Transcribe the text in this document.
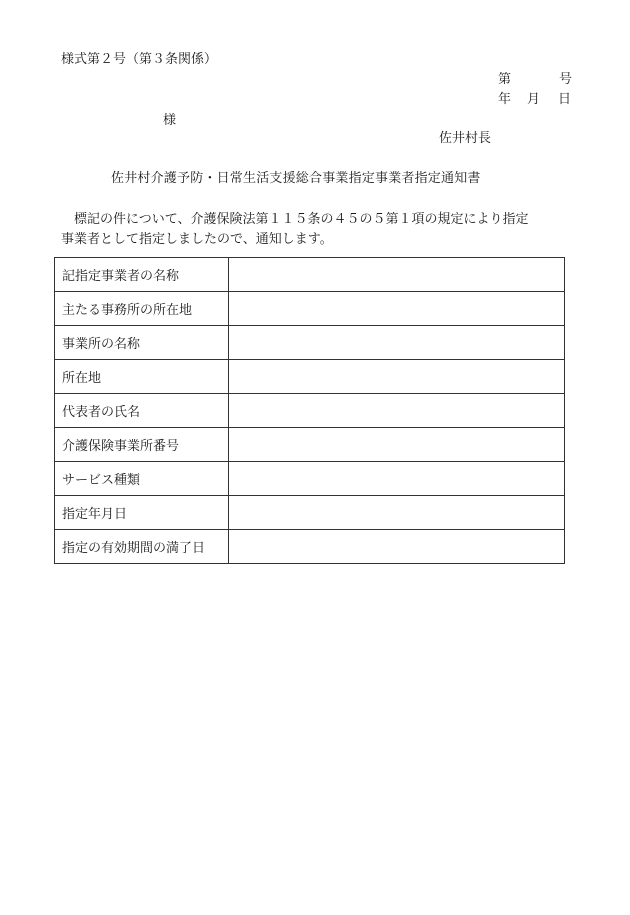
様式第２号（第３条関係）
第	号
年 月 日
様
佐井村長
佐井村介護予防・日常生活支援総合事業指定事業者指定通知書
　標記の件について、介護保険法第１１５条の４５の５第１項の規定により指定
事業者として指定しましたので、通知します。
記指定事業者の名称	
主たる事務所の所在地	
事業所の名称	
所在地	
代表者の氏名	
介護保険事業所番号	
サービス種類	
指定年月日	
指定の有効期間の満了日	
